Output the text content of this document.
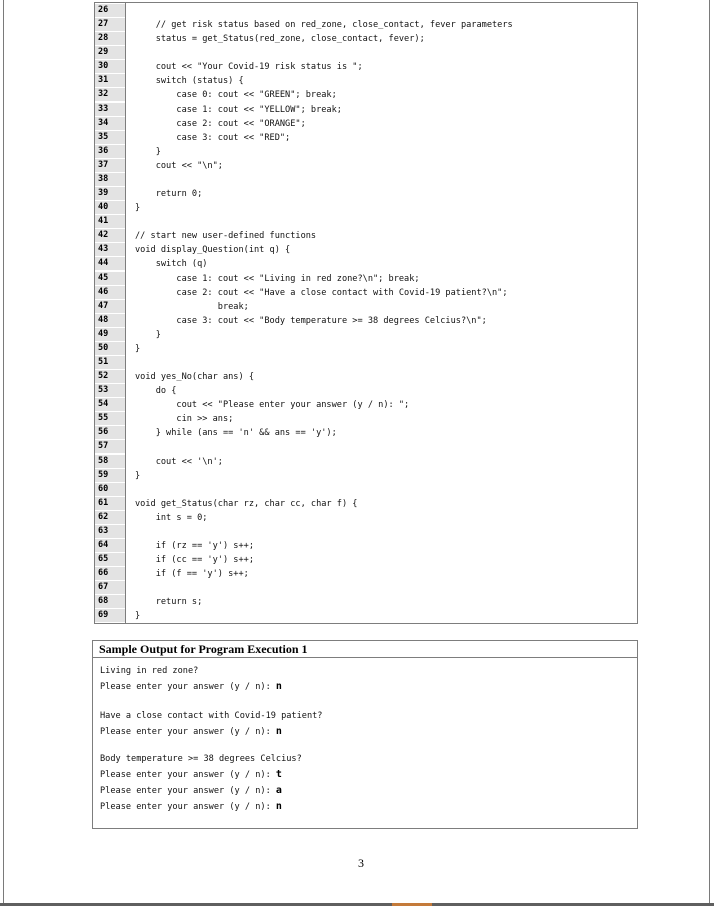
26
27	// get risk status based on red_zone, close_contact, fever parameters
28	status = get_Status(red_zone, close_contact, fever);
29
30	cout << "Your Covid-19 risk status is ";
31	switch (status) {
32	case 0: cout << "GREEN"; break;
33	case 1: cout << "YELLOW"; break;
34	case 2: cout << "ORANGE";
35	case 3: cout << "RED";
36	}
37	cout << "\n";
38
39	return 0;
40	}
41
42	// start new user-defined functions
43	void display_Question(int q) {
44	switch (q)
45	case 1: cout << "Living in red zone?\n"; break;
46	case 2: cout << "Have a close contact with Covid-19 patient?\n";
47	break;
48	case 3: cout << "Body temperature >= 38 degrees Celcius?\n";
49	}
50	}
51
52	void yes_No(char ans) {
53	do {
54	cout << "Please enter your answer (y / n): ";
55	cin >> ans;
56	} while (ans == 'n' && ans == 'y');
57
58	cout << '\n';
59	}
60
61	void get_Status(char rz, char cc, char f) {
62	int s = 0;
63
64	if (rz == 'y') s++;
65	if (cc == 'y') s++;
66	if (f == 'y') s++;
67
68	return s;
69	}
Sample Output for Program Execution 1
Living in red zone?
Please enter your answer (y / n): n
Have a close contact with Covid-19 patient?
Please enter your answer (y / n): n
Body temperature >= 38 degrees Celcius?
Please enter your answer (y / n): t
Please enter your answer (y / n): a
Please enter your answer (y / n): n
3
